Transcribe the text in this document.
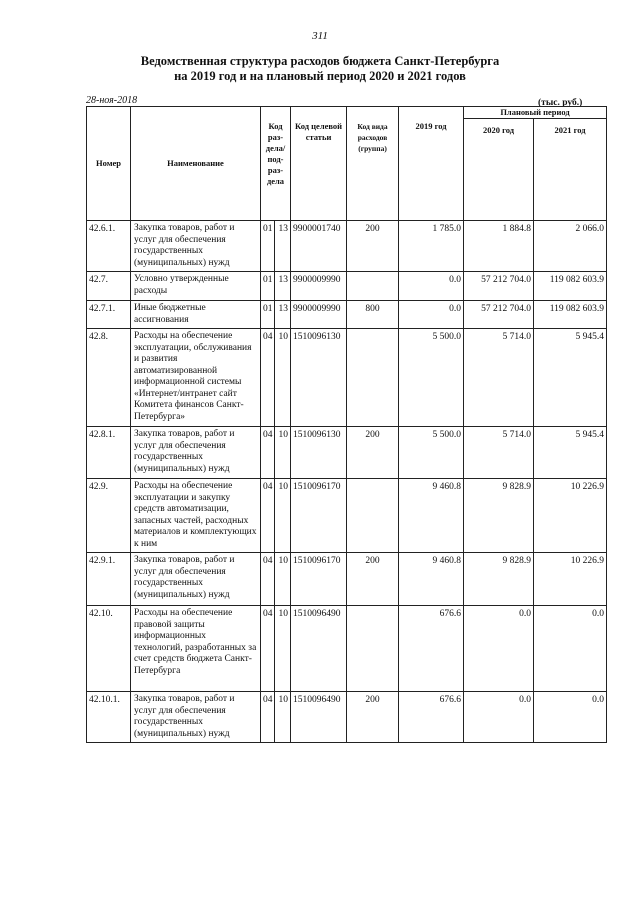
311
Ведомственная структура расходов бюджета Санкт-Петербурга
на 2019 год и на плановый период 2020 и 2021 годов
28-ноя-2018	(тыс. руб.)
Номер	Наименование	Код раз- дела/ под- раз- дела		Код целевой статьи	Код вида расходов (группа)	2019 год	Плановый период	
							2020 год	2021 год
42.6.1.	Закупка товаров, работ и услуг для обеспечения государственных (муниципальных) нужд	01	13	9900001740	200	1 785.0	1 884.8	2 066.0
42.7.	Условно утвержденные расходы	01	13	9900009990		0.0	57 212 704.0	119 082 603.9
42.7.1.	Иные бюджетные ассигнования	01	13	9900009990	800	0.0	57 212 704.0	119 082 603.9
42.8.	Расходы на обеспечение эксплуатации, обслуживания и развития автоматизированной информационной системы «Интернет/интранет сайт Комитета финансов Санкт-Петербурга»	04	10	1510096130		5 500.0	5 714.0	5 945.4
42.8.1.	Закупка товаров, работ и услуг для обеспечения государственных (муниципальных) нужд	04	10	1510096130	200	5 500.0	5 714.0	5 945.4
42.9.	Расходы на обеспечение эксплуатации и закупку средств автоматизации, запасных частей, расходных материалов и комплектующих к ним	04	10	1510096170		9 460.8	9 828.9	10 226.9
42.9.1.	Закупка товаров, работ и услуг для обеспечения государственных (муниципальных) нужд	04	10	1510096170	200	9 460.8	9 828.9	10 226.9
42.10.	Расходы на обеспечение правовой защиты информационных технологий, разработанных за счет средств бюджета Санкт-Петербурга	04	10	1510096490		676.6	0.0	0.0
42.10.1.	Закупка товаров, работ и услуг для обеспечения государственных (муниципальных) нужд	04	10	1510096490	200	676.6	0.0	0.0
